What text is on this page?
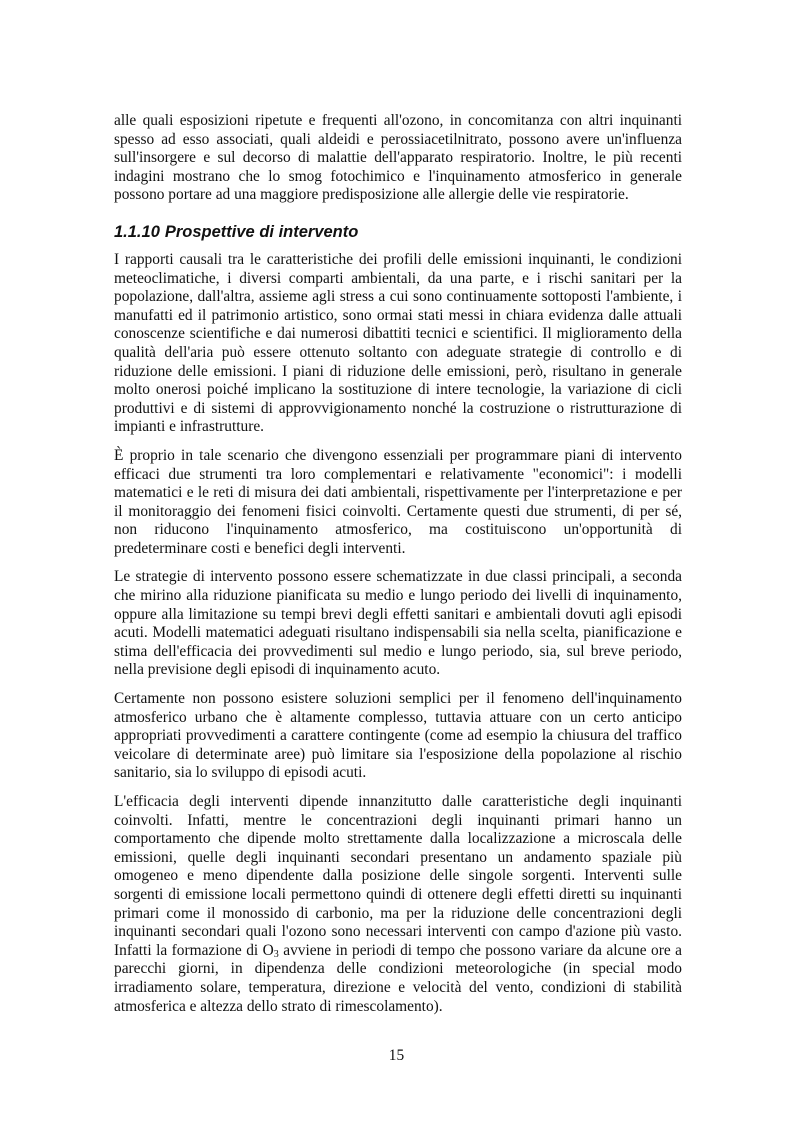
alle quali esposizioni ripetute e frequenti all'ozono, in concomitanza con altri inquinanti spesso ad esso associati, quali aldeidi e perossiacetilnitrato, possono avere un'influenza sull'insorgere e sul decorso di malattie dell'apparato respiratorio. Inoltre, le più recenti indagini mostrano che lo smog fotochimico e l'inquinamento atmosferico in generale possono portare ad una maggiore predisposizione alle allergie delle vie respiratorie.

1.1.10 Prospettive di intervento

I rapporti causali tra le caratteristiche dei profili delle emissioni inquinanti, le condizioni meteoclimatiche, i diversi comparti ambientali, da una parte, e i rischi sanitari per la popolazione, dall'altra, assieme agli stress a cui sono continuamente sottoposti l'ambiente, i manufatti ed il patrimonio artistico, sono ormai stati messi in chiara evidenza dalle attuali conoscenze scientifiche e dai numerosi dibattiti tecnici e scientifici. Il miglioramento della qualità dell'aria può essere ottenuto soltanto con adeguate strategie di controllo e di riduzione delle emissioni. I piani di riduzione delle emissioni, però, risultano in generale molto onerosi poiché implicano la sostituzione di intere tecnologie, la variazione di cicli produttivi e di sistemi di approvvigionamento nonché la costruzione o ristrutturazione di impianti e infrastrutture.

È proprio in tale scenario che divengono essenziali per programmare piani di intervento efficaci due strumenti tra loro complementari e relativamente "economici": i modelli matematici e le reti di misura dei dati ambientali, rispettivamente per l'interpretazione e per il monitoraggio dei fenomeni fisici coinvolti. Certamente questi due strumenti, di per sé, non riducono l'inquinamento atmosferico, ma costituiscono un'opportunità di predeterminare costi e benefici degli interventi.

Le strategie di intervento possono essere schematizzate in due classi principali, a seconda che mirino alla riduzione pianificata su medio e lungo periodo dei livelli di inquinamento, oppure alla limitazione su tempi brevi degli effetti sanitari e ambientali dovuti agli episodi acuti. Modelli matematici adeguati risultano indispensabili sia nella scelta, pianificazione e stima dell'efficacia dei provvedimenti sul medio e lungo periodo, sia, sul breve periodo, nella previsione degli episodi di inquinamento acuto.

Certamente non possono esistere soluzioni semplici per il fenomeno dell'inquinamento atmosferico urbano che è altamente complesso, tuttavia attuare con un certo anticipo appropriati provvedimenti a carattere contingente (come ad esempio la chiusura del traffico veicolare di determinate aree) può limitare sia l'esposizione della popolazione al rischio sanitario, sia lo sviluppo di episodi acuti.

L'efficacia degli interventi dipende innanzitutto dalle caratteristiche degli inquinanti coinvolti. Infatti, mentre le concentrazioni degli inquinanti primari hanno un comportamento che dipende molto strettamente dalla localizzazione a microscala delle emissioni, quelle degli inquinanti secondari presentano un andamento spaziale più omogeneo e meno dipendente dalla posizione delle singole sorgenti. Interventi sulle sorgenti di emissione locali permettono quindi di ottenere degli effetti diretti su inquinanti primari come il monossido di carbonio, ma per la riduzione delle concentrazioni degli inquinanti secondari quali l'ozono sono necessari interventi con campo d'azione più vasto. Infatti la formazione di $O_3$ avviene in periodi di tempo che possono variare da alcune ore a parecchi giorni, in dipendenza delle condizioni meteorologiche (in special modo irradiamento solare, temperatura, direzione e velocità del vento, condizioni di stabilità atmosferica e altezza dello strato di rimescolamento).

15
